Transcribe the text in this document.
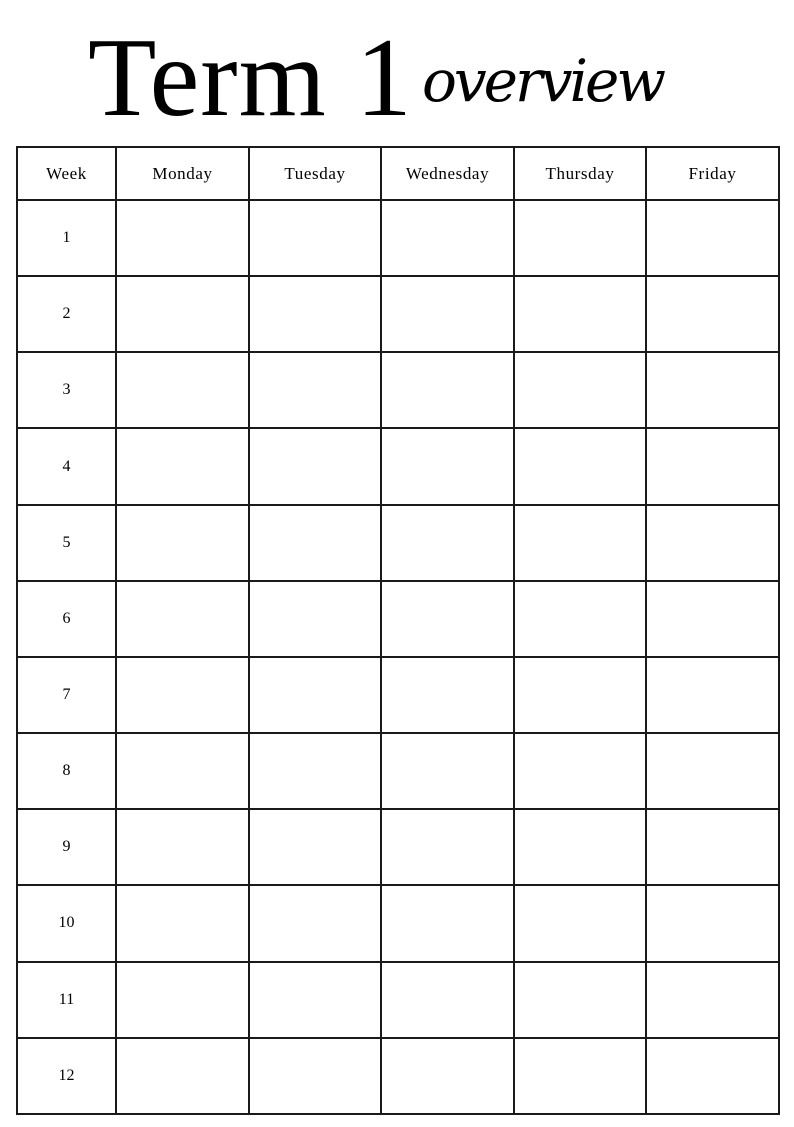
Term 1 overview
Week	Monday	Tuesday	Wednesday	Thursday	Friday
1					
2					
3					
4					
5					
6					
7					
8					
9					
10					
11					
12					
